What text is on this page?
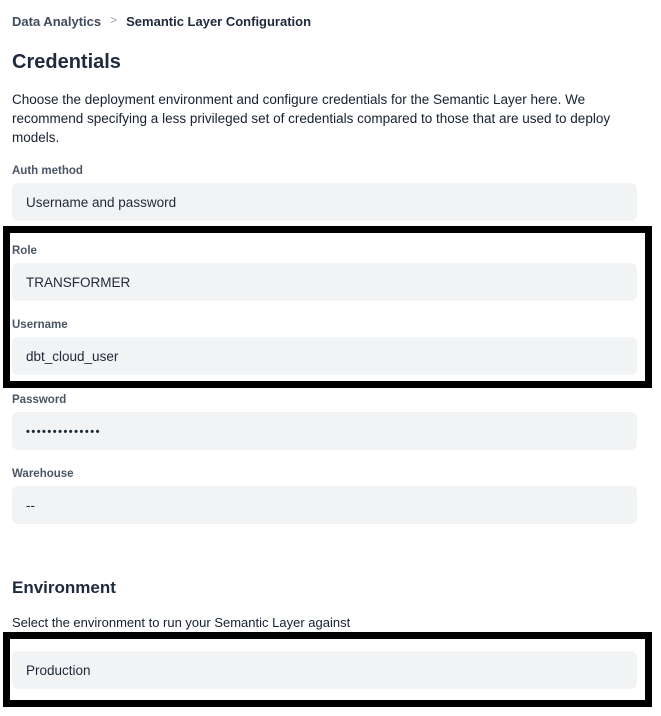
Data Analytics > Semantic Layer Configuration
Credentials

Choose the deployment environment and configure credentials for the Semantic Layer here. We recommend specifying a less privileged set of credentials compared to those that are used to deploy models.

Auth method
Username and password
Role
TRANSFORMER
Username
dbt_cloud_user
Password
••••••••••••••
Warehouse
--
Environment

Select the environment to run your Semantic Layer against

Production
